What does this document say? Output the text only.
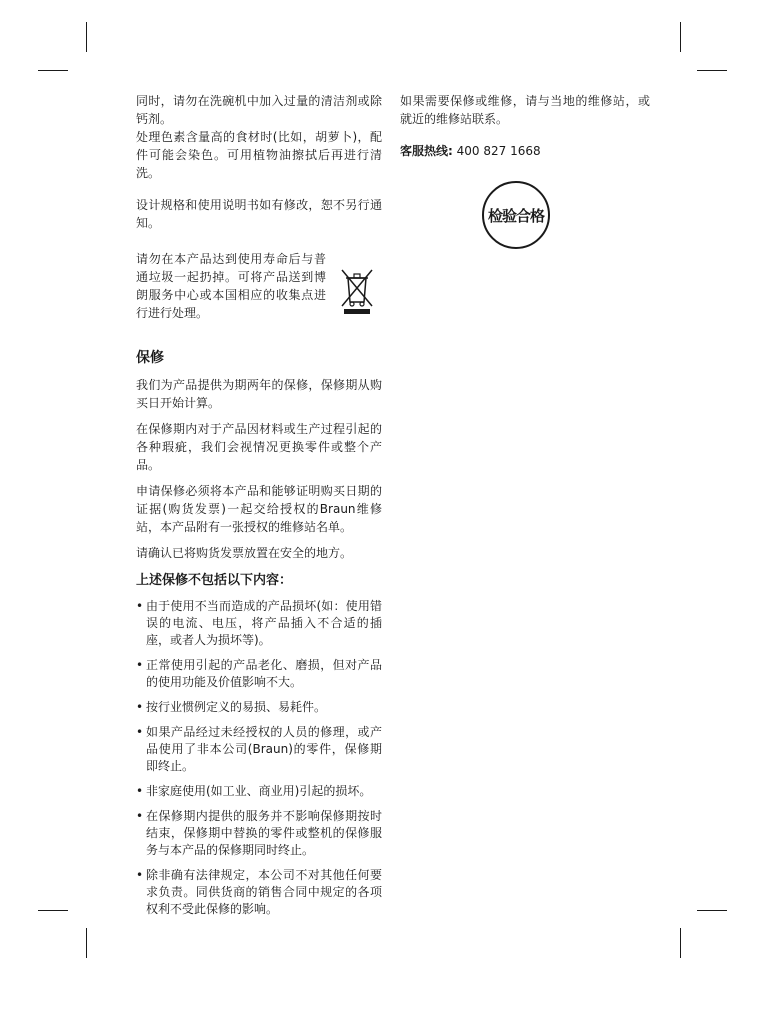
同时，请勿在洗碗机中加入过量的清洁剂或除钙剂。

处理色素含量高的食材时(比如，胡萝卜)，配件可能会染色。可用植物油擦拭后再进行清洗。

设计规格和使用说明书如有修改，恕不另行通知。

请勿在本产品达到使用寿命后与普通垃圾一起扔掉。可将产品送到博朗服务中心或本国相应的收集点进行进行处理。

保修

我们为产品提供为期两年的保修，保修期从购买日开始计算。

在保修期内对于产品因材料或生产过程引起的各种瑕疵，我们会视情况更换零件或整个产品。

申请保修必须将本产品和能够证明购买日期的证据(购货发票)一起交给授权的Braun维修站，本产品附有一张授权的维修站名单。

请确认已将购货发票放置在安全的地方。

上述保修不包括以下内容：
• 由于使用不当而造成的产品损坏(如：使用错误的电流、电压，将产品插入不合适的插座，或者人为损坏等)。
• 正常使用引起的产品老化、磨损，但对产品的使用功能及价值影响不大。
• 按行业惯例定义的易损、易耗件。
• 如果产品经过未经授权的人员的修理，或产品使用了非本公司(Braun)的零件，保修期即终止。
• 非家庭使用(如工业、商业用)引起的损坏。
• 在保修期内提供的服务并不影响保修期按时结束，保修期中替换的零件或整机的保修服务与本产品的保修期同时终止。
• 除非确有法律规定，本公司不对其他任何要求负责。同供货商的销售合同中规定的各项权利不受此保修的影响。

如果需要保修或维修，请与当地的维修站，或就近的维修站联系。

客服热线: 400 827 1668
检验合格
